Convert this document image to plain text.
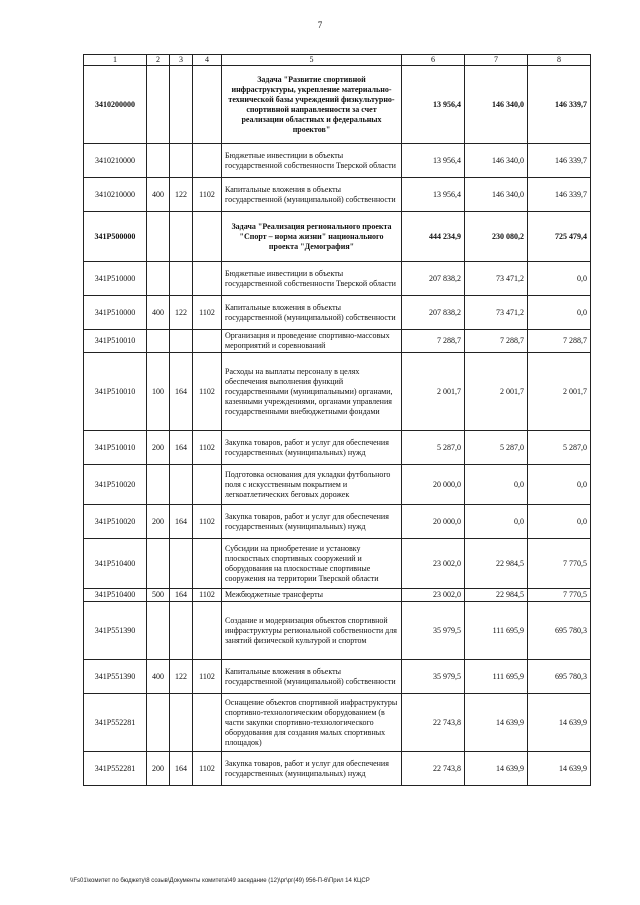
7
1	2	3	4	5	6	7	8
3410200000				Задача "Развитие спортивной инфраструктуры, укрепление материально-технической базы учреждений физкультурно-спортивной направленности за счет реализации областных и федеральных проектов"	13 956,4	146 340,0	146 339,7
3410210000				Бюджетные инвестиции в объекты государственной собственности Тверской области	13 956,4	146 340,0	146 339,7
3410210000	400	122	1102	Капитальные вложения в объекты государственной (муниципальной) собственности	13 956,4	146 340,0	146 339,7
341P500000				Задача "Реализация регионального проекта "Спорт – норма жизни" национального проекта "Демография"	444 234,9	230 080,2	725 479,4
341P510000				Бюджетные инвестиции в объекты государственной собственности Тверской области	207 838,2	73 471,2	0,0
341P510000	400	122	1102	Капитальные вложения в объекты государственной (муниципальной) собственности	207 838,2	73 471,2	0,0
341P510010				Организация и проведение спортивно-массовых мероприятий и соревнований	7 288,7	7 288,7	7 288,7
341P510010	100	164	1102	Расходы на выплаты персоналу в целях обеспечения выполнения функций государственными (муниципальными) органами, казенными учреждениями, органами управления государственными внебюджетными фондами	2 001,7	2 001,7	2 001,7
341P510010	200	164	1102	Закупка товаров, работ и услуг для обеспечения государственных (муниципальных) нужд	5 287,0	5 287,0	5 287,0
341P510020				Подготовка основания для укладки футбольного поля с искусственным покрытием и легкоатлетических беговых дорожек	20 000,0	0,0	0,0
341P510020	200	164	1102	Закупка товаров, работ и услуг для обеспечения государственных (муниципальных) нужд	20 000,0	0,0	0,0
341P510400				Субсидии на приобретение и установку плоскостных спортивных сооружений и оборудования на плоскостные спортивные сооружения на территории Тверской области	23 002,0	22 984,5	7 770,5
341P510400	500	164	1102	Межбюджетные трансферты	23 002,0	22 984,5	7 770,5
341P551390				Создание и модернизация объектов спортивной инфраструктуры региональной собственности для занятий физической культурой и спортом	35 979,5	111 695,9	695 780,3
341P551390	400	122	1102	Капитальные вложения в объекты государственной (муниципальной) собственности	35 979,5	111 695,9	695 780,3
341P552281				Оснащение объектов спортивной инфраструктуры спортивно-технологическим оборудованием (в части закупки спортивно-технологического оборудования для создания малых спортивных площадок)	22 743,8	14 639,9	14 639,9
341P552281	200	164	1102	Закупка товаров, работ и услуг для обеспечения государственных (муниципальных) нужд	22 743,8	14 639,9	14 639,9
\\Fs01\комитет по бюджету\8 созыв\Документы комитета\49 заседание (12)\рг\рг(49) 956-П-6\Прил 14 КЦСР
